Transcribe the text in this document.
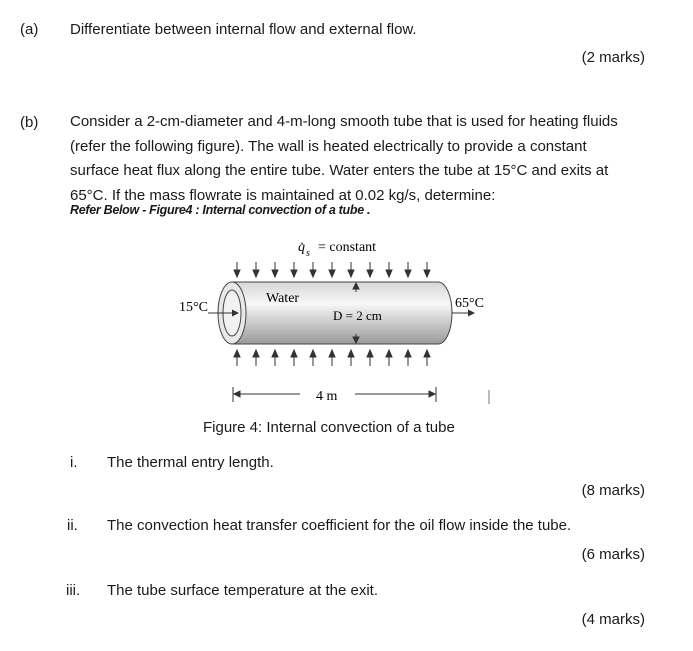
(a) Differentiate between internal flow and external flow.
(2 marks)
(b) Consider a 2-cm-diameter and 4-m-long smooth tube that is used for heating fluids
(refer the following figure). The wall is heated electrically to provide a constant
surface heat flux along the entire tube. Water enters the tube at 15°C and exits at
65°C. If the mass flowrate is maintained at 0.02 kg/s, determine:
Refer Below - Figure4 : Internal convection of a tube .
q̇ s = constant
15°C	65°C
Water
D = 2 cm
4 m
Figure 4: Internal convection of a tube
i. The thermal entry length.
(8 marks)
ii. The convection heat transfer coefficient for the oil flow inside the tube.
(6 marks)
iii. The tube surface temperature at the exit.
(4 marks)
